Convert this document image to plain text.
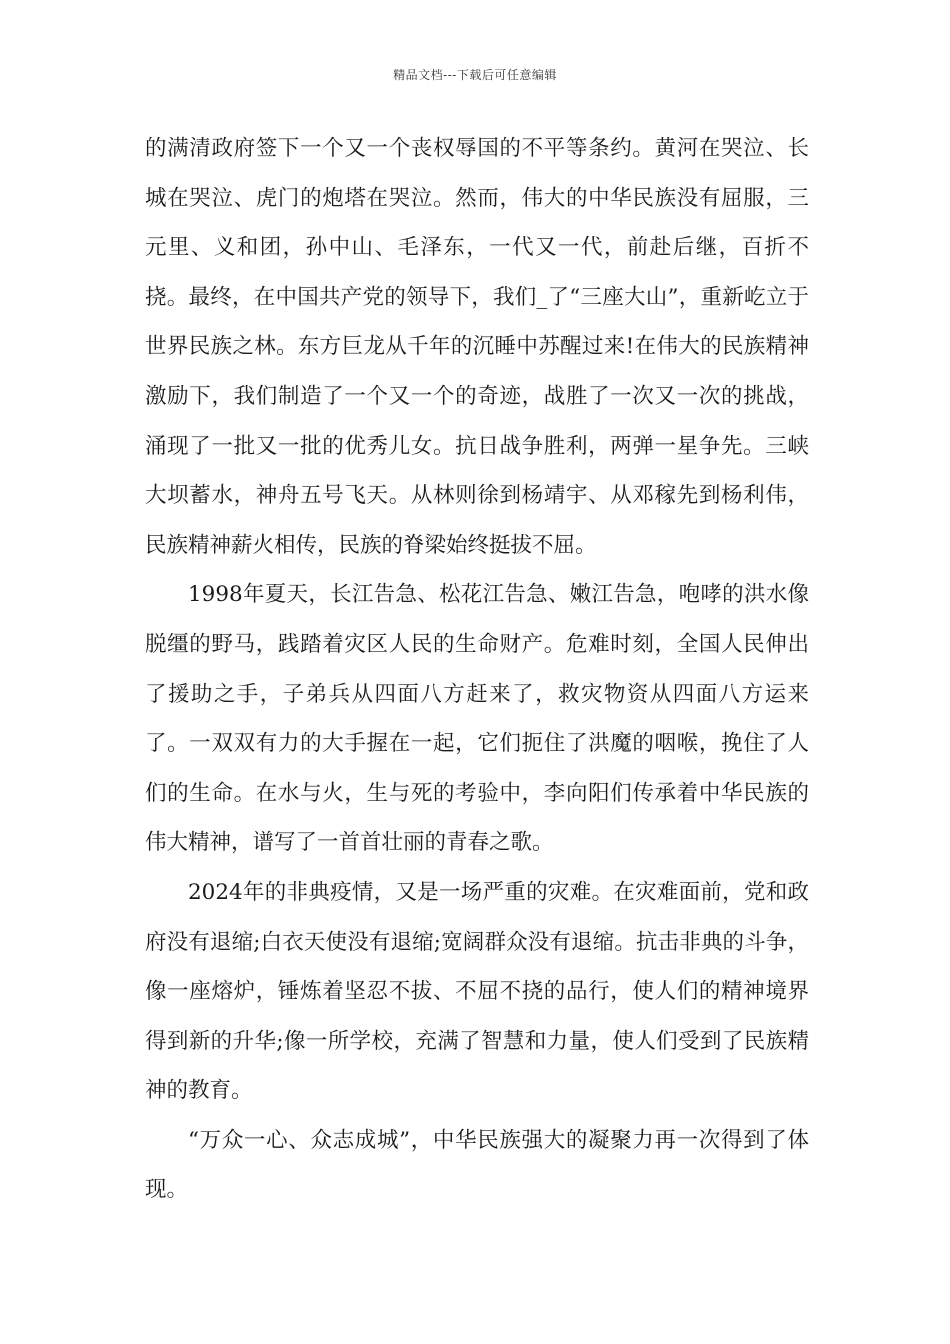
精品文档---下载后可任意编辑

的满清政府签下一个又一个丧权辱国的不平等条约。黄河在哭泣、长城在哭泣、虎门的炮塔在哭泣。然而，伟大的中华民族没有屈服，三元里、义和团，孙中山、毛泽东，一代又一代，前赴后继，百折不挠。最终，在中国共产党的领导下，我们_了“三座大山”，重新屹立于世界民族之林。东方巨龙从千年的沉睡中苏醒过来!在伟大的民族精神激励下，我们制造了一个又一个的奇迹，战胜了一次又一次的挑战，涌现了一批又一批的优秀儿女。抗日战争胜利，两弹一星争先。三峡大坝蓄水，神舟五号飞天。从林则徐到杨靖宇、从邓稼先到杨利伟，民族精神薪火相传，民族的脊梁始终挺拔不屈。

1998年夏天，长江告急、松花江告急、嫩江告急，咆哮的洪水像脱缰的野马，践踏着灾区人民的生命财产。危难时刻，全国人民伸出了援助之手，子弟兵从四面八方赶来了，救灾物资从四面八方运来了。一双双有力的大手握在一起，它们扼住了洪魔的咽喉，挽住了人们的生命。在水与火，生与死的考验中，李向阳们传承着中华民族的伟大精神，谱写了一首首壮丽的青春之歌。

2024年的非典疫情，又是一场严重的灾难。在灾难面前，党和政府没有退缩;白衣天使没有退缩;宽阔群众没有退缩。抗击非典的斗争，像一座熔炉，锤炼着坚忍不拔、不屈不挠的品行，使人们的精神境界得到新的升华;像一所学校，充满了智慧和力量，使人们受到了民族精神的教育。

“万众一心、众志成城”，中华民族强大的凝聚力再一次得到了体现。
